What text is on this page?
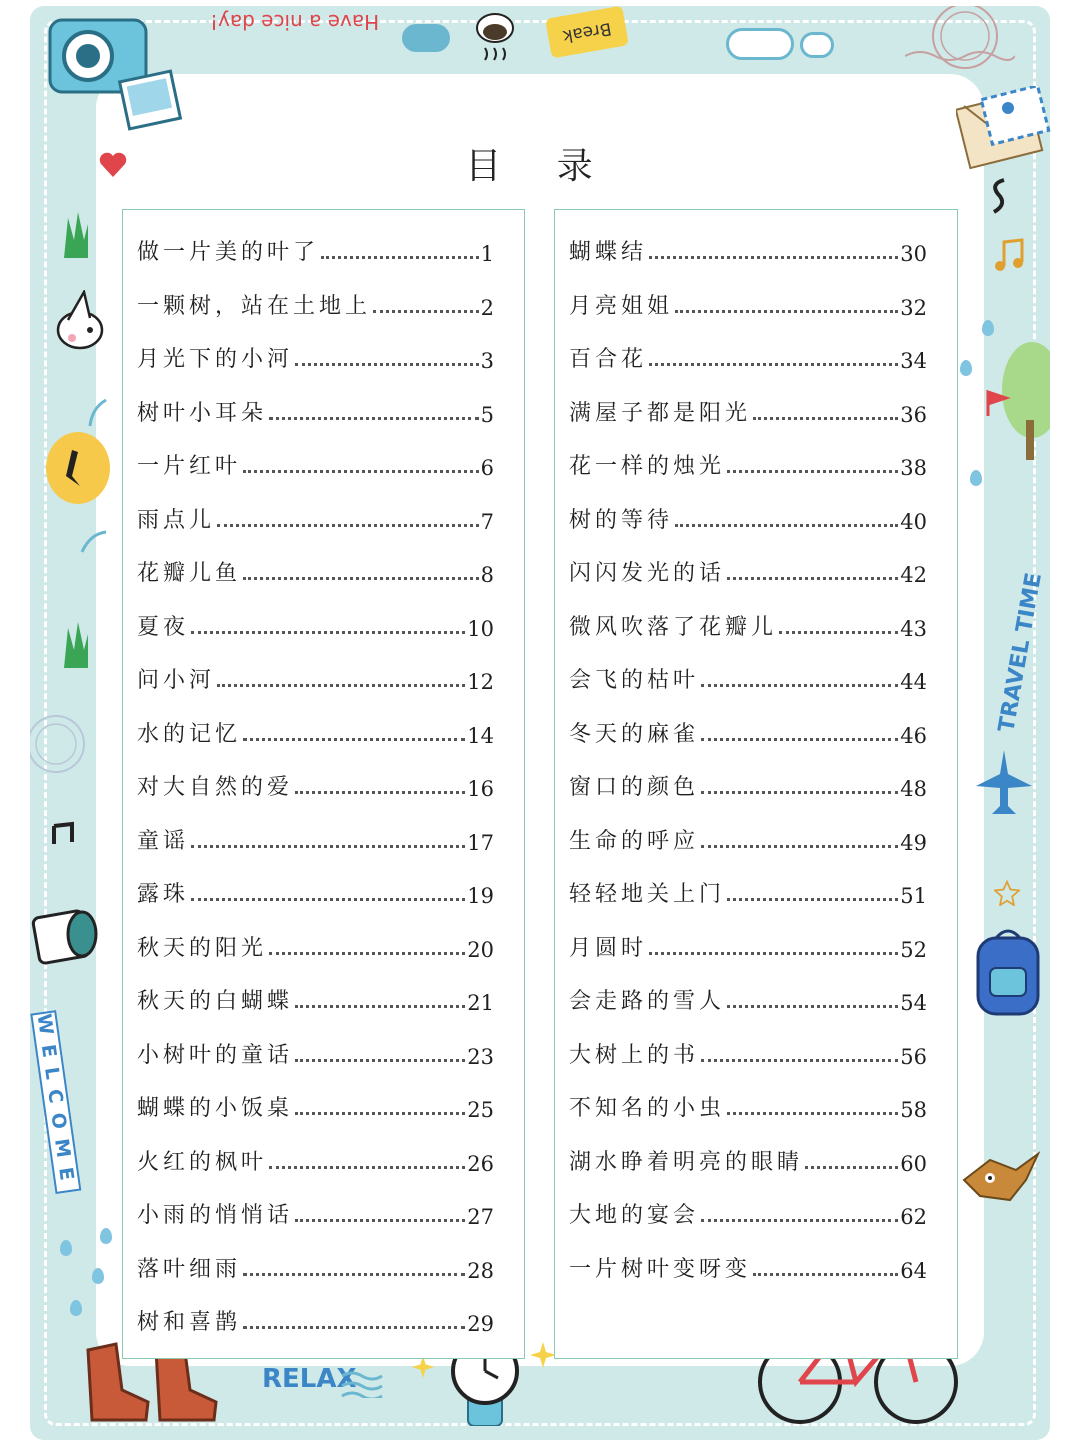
Have a nice day!	Break
WELCOME
RELAX
TRAVEL TIME
目 录
做一片美的叶了	1
一颗树，站在土地上	2
月光下的小河	3
树叶小耳朵	5
一片红叶	6
雨点儿	7
花瓣儿鱼	8
夏夜	10
问小河	12
水的记忆	14
对大自然的爱	16
童谣	17
露珠	19
秋天的阳光	20
秋天的白蝴蝶	21
小树叶的童话	23
蝴蝶的小饭桌	25
火红的枫叶	26
小雨的悄悄话	27
落叶细雨	28
树和喜鹊	29
蝴蝶结	30
月亮姐姐	32
百合花	34
满屋子都是阳光	36
花一样的烛光	38
树的等待	40
闪闪发光的话	42
微风吹落了花瓣儿	43
会飞的枯叶	44
冬天的麻雀	46
窗口的颜色	48
生命的呼应	49
轻轻地关上门	51
月圆时	52
会走路的雪人	54
大树上的书	56
不知名的小虫	58
湖水睁着明亮的眼睛	60
大地的宴会	62
一片树叶变呀变	64
